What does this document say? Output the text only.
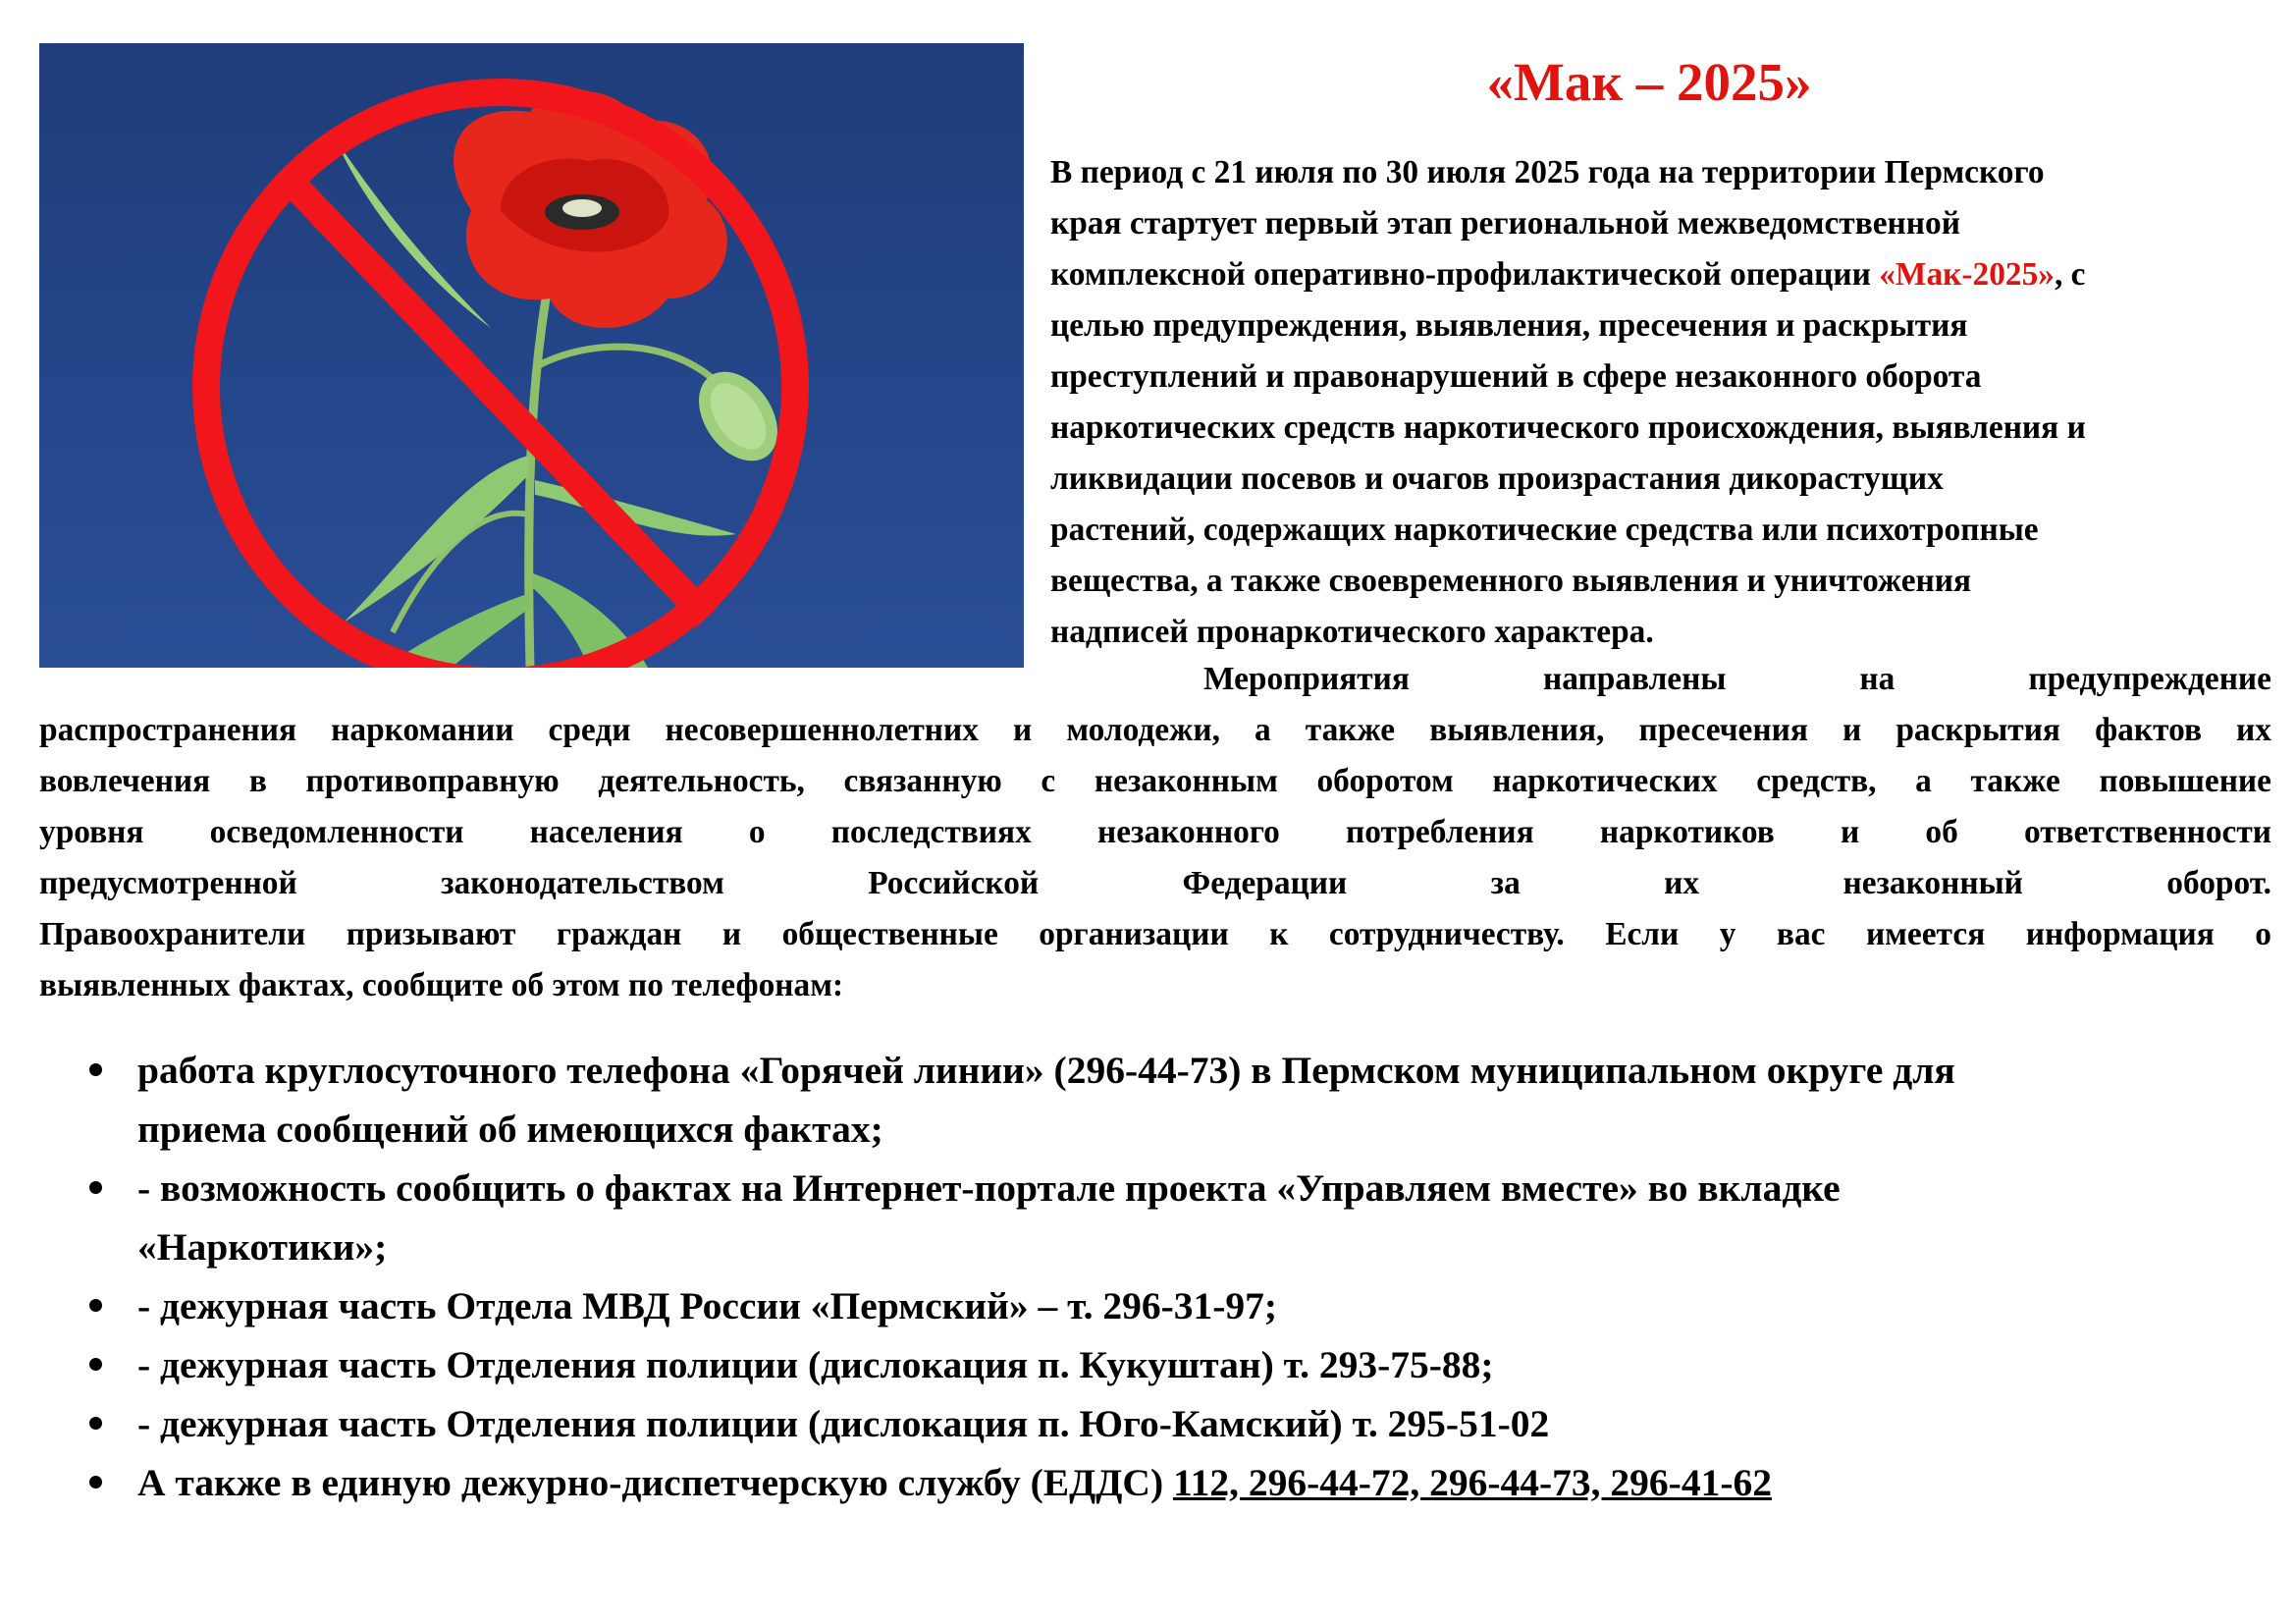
«Мак – 2025»
В период с 21 июля по 30 июля 2025 года на территории Пермского
края стартует первый этап региональной межведомственной
комплексной оперативно-профилактической операции «Мак-2025», с
целью предупреждения, выявления, пресечения и раскрытия
преступлений и правонарушений в сфере незаконного оборота
наркотических средств наркотического происхождения, выявления и
ликвидации посевов и очагов произрастания дикорастущих
растений, содержащих наркотические средства или психотропные
вещества, а также своевременного выявления и уничтожения
надписей пронаркотического характера.
Мероприятия направлены на предупреждение
распространения наркомании среди несовершеннолетних и молодежи, а также выявления, пресечения и раскрытия фактов их
вовлечения в противоправную деятельность, связанную с незаконным оборотом наркотических средств, а также повышение
уровня осведомленности населения о последствиях незаконного потребления наркотиков и об ответственности
предусмотренной законодательством Российской Федерации за их незаконный оборот.
Правоохранители призывают граждан и общественные организации к сотрудничеству. Если у вас имеется информация о
выявленных фактах, сообщите об этом по телефонам:
работа круглосуточного телефона «Горячей линии» (296-44-73) в Пермском муниципальном округе для
приема сообщений об имеющихся фактах;
- возможность сообщить о фактах на Интернет-портале проекта «Управляем вместе» во вкладке
«Наркотики»;
- дежурная часть Отдела МВД России «Пермский» – т. 296-31-97;
- дежурная часть Отделения полиции (дислокация п. Кукуштан) т. 293-75-88;
- дежурная часть Отделения полиции (дислокация п. Юго-Камский) т. 295-51-02
А также в единую дежурно-диспетчерскую службу (ЕДДС) 112, 296-44-72, 296-44-73, 296-41-62
